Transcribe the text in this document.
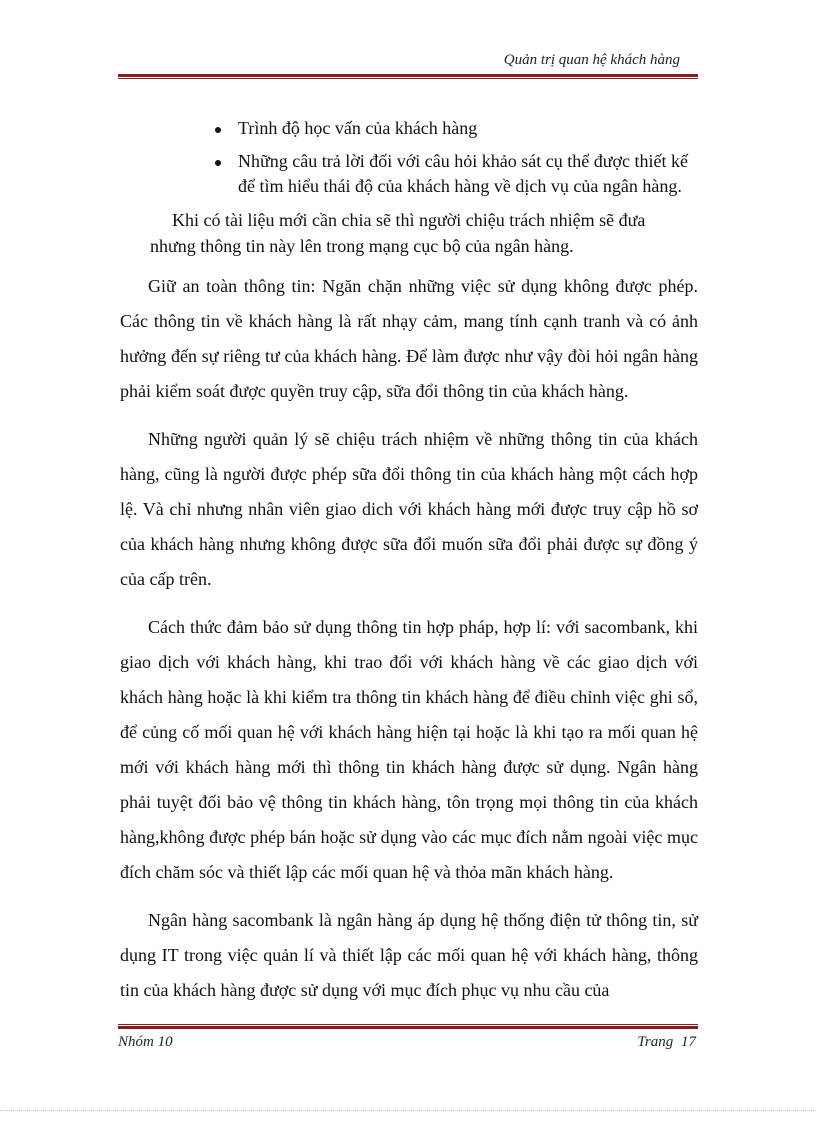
Quản trị quan hệ khách hàng
Trình độ học vấn của khách hàng
Những câu trả lời đối với câu hỏi khảo sát cụ thể được thiết kế để tìm hiểu thái độ của khách hàng về dịch vụ của ngân hàng.

Khi có tài liệu mới cần chia sẽ thì người chiệu trách nhiệm sẽ đưa nhưng thông tin này lên trong mạng cục bộ của ngân hàng.

Giữ an toàn thông tin: Ngăn chặn những việc sử dụng không được phép. Các thông tin về khách hàng là rất nhạy cảm, mang tính cạnh tranh và có ảnh hưởng đến sự riêng tư của khách hàng. Để làm được như vậy đòi hỏi ngân hàng phải kiểm soát được quyền truy cập, sữa đổi thông tin của khách hàng.

Những người quản lý sẽ chiệu trách nhiệm về những thông tin của khách hàng, cũng là người được phép sữa đổi thông tin của khách hàng một cách hợp lệ. Và chỉ nhưng nhân viên giao dich với khách hàng mới được truy cập hồ sơ của khách hàng nhưng không được sữa đổi muốn sữa đổi phải được sự đồng ý của cấp trên.

Cách thức đảm bảo sử dụng thông tin hợp pháp, hợp lí: với sacombank, khi giao dịch với khách hàng, khi trao đổi với khách hàng về các giao dịch với khách hàng hoặc là khi kiểm tra thông tin khách hàng để điều chỉnh việc ghi sổ, để củng cố mối quan hệ với khách hàng hiện tại hoặc là khi tạo ra mối quan hệ mới với khách hàng mới thì thông tin khách hàng được sử dụng. Ngân hàng phải tuyệt đối bảo vệ thông tin khách hàng, tôn trọng mọi thông tin của khách hàng,không được phép bán hoặc sử dụng vào các mục đích nằm ngoài việc mục đích chăm sóc và thiết lập các mối quan hệ và thỏa mãn khách hàng.

Ngân hàng sacombank là ngân hàng áp dụng hệ thống điện tử thông tin, sử dụng IT trong việc quản lí và thiết lập các mối quan hệ với khách hàng, thông tin của khách hàng được sử dụng với mục đích phục vụ nhu cầu của

Nhóm 10	Trang 17
